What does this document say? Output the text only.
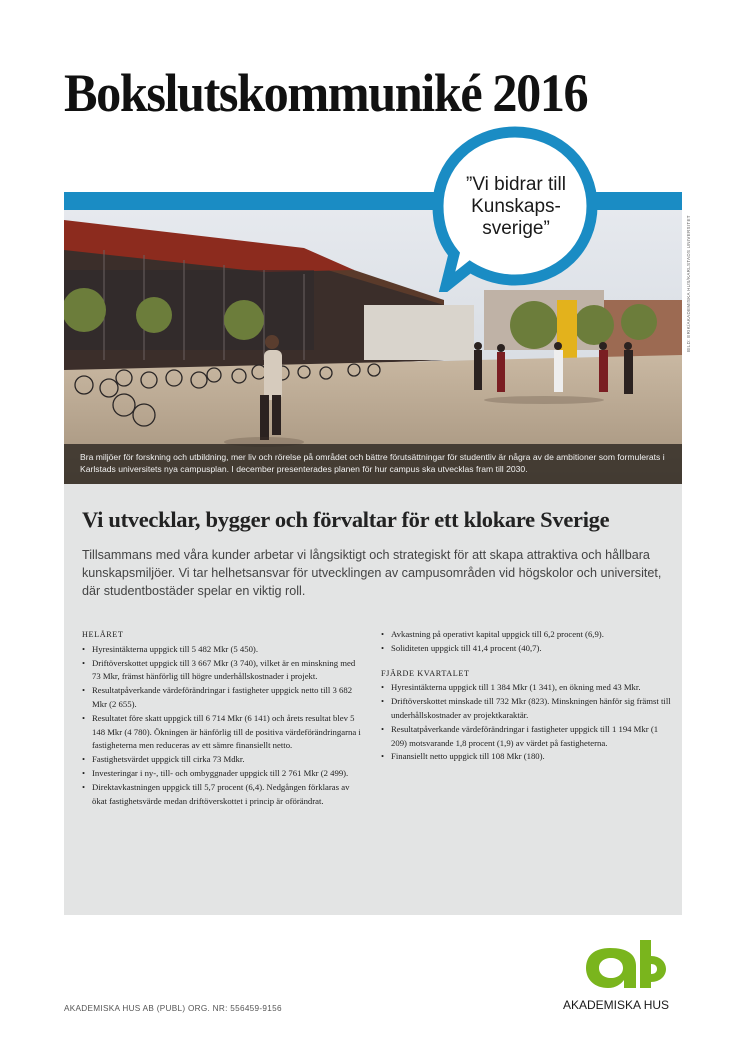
Bokslutskommuniké 2016
BILD: ERIK/AKADEMISKA HUS/KARLSTADS UNIVERSITET
”Vi bidrar till
Kunskaps-
sverige”
Bra miljöer för forskning och utbildning, mer liv och rörelse på området och bättre förutsättningar för studentliv är några av de ambitioner som formulerats i Karlstads universitets nya campusplan. I december presenterades planen för hur campus ska utvecklas fram till 2030.
Vi utvecklar, bygger och förvaltar för ett klokare Sverige

Tillsammans med våra kunder arbetar vi långsiktigt och strategiskt för att skapa attraktiva och hållbara kunskapsmiljöer. Vi tar helhetsansvar för utvecklingen av campusområden vid högskolor och universitet, där studentbostäder spelar en viktig roll.

HELÅRET
• Hyresintäkterna uppgick till 5 482 Mkr (5 450).
• Driftöverskottet uppgick till 3 667 Mkr (3 740), vilket är en minskning med 73 Mkr, främst hänförlig till högre underhållskostnader i projekt.
• Resultatpåverkande värdeförändringar i fastigheter uppgick netto till 3 682 Mkr (2 655).
• Resultatet före skatt uppgick till 6 714 Mkr (6 141) och årets resultat blev 5 148 Mkr (4 780). Ökningen är hänförlig till de positiva värdeförändringarna i fastigheterna men reduceras av ett sämre finansiellt netto.
• Fastighetsvärdet uppgick till cirka 73 Mdkr.
• Investeringar i ny-, till- och ombyggnader uppgick till 2 761 Mkr (2 499).
• Direktavkastningen uppgick till 5,7 procent (6,4). Nedgången förklaras av ökat fastighetsvärde medan driftöverskottet i princip är oförändrat.
• Avkastning på operativt kapital uppgick till 6,2 procent (6,9).
• Soliditeten uppgick till 41,4 procent (40,7).
FJÄRDE KVARTALET
• Hyresintäkterna uppgick till 1 384 Mkr (1 341), en ökning med 43 Mkr.
• Driftöverskottet minskade till 732 Mkr (823). Minskningen hänför sig främst till underhållskostnader av projektkaraktär.
• Resultatpåverkande värdeförändringar i fastigheter uppgick till 1 194 Mkr (1 209) motsvarande 1,8 procent (1,9) av värdet på fastigheterna.
• Finansiellt netto uppgick till 108 Mkr (180).
AKADEMISKA HUS AB (PUBL) ORG. NR: 556459-9156	AKADEMISKA HUS
